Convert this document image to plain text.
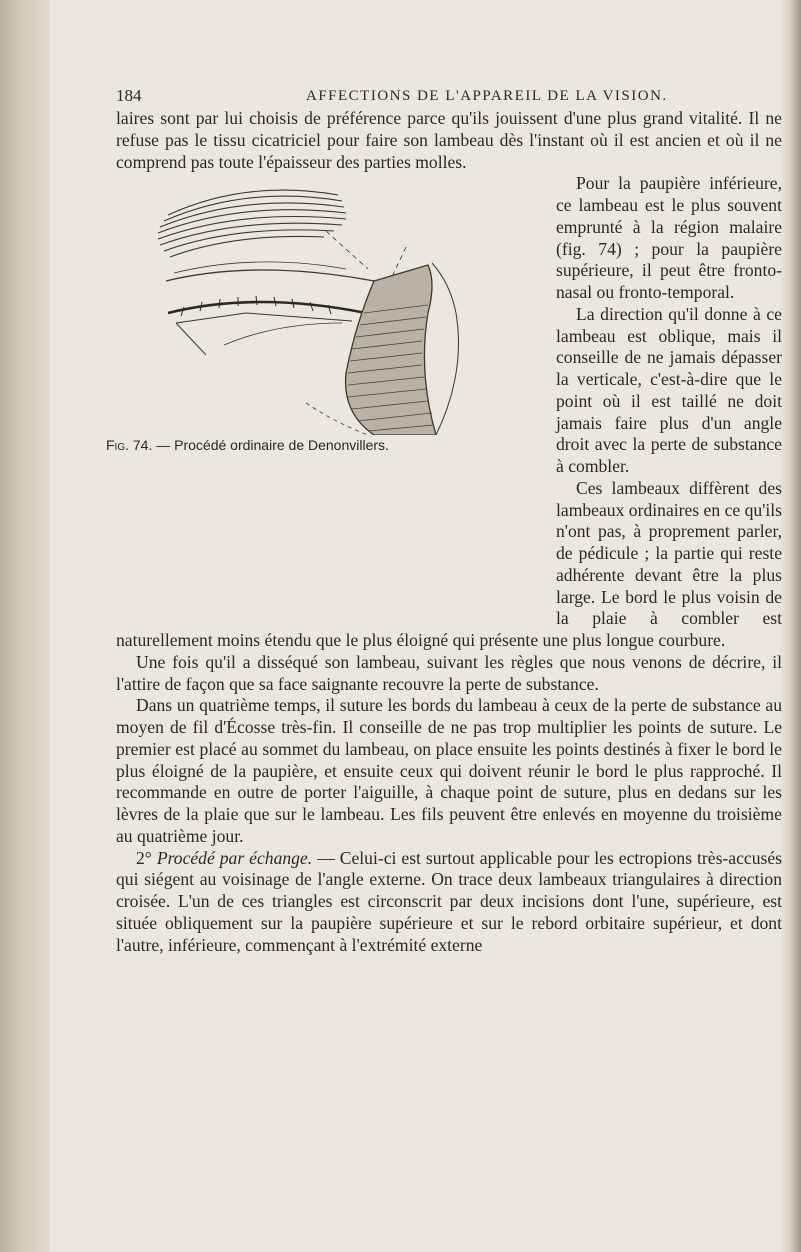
184	AFFECTIONS DE L'APPAREIL DE LA VISION.

laires sont par lui choisis de préférence parce qu'ils jouissent d'une plus grand vitalité. Il ne refuse pas le tissu cicatriciel pour faire son lambeau dès l'instant où il est ancien et où il ne comprend pas toute l'épaisseur des parties molles.

Fig. 74. — Procédé ordinaire de Denonvillers.

Pour la paupière inférieure, ce lambeau est le plus souvent emprunté à la région malaire (fig. 74) ; pour la paupière supérieure, il peut être fronto-nasal ou fronto-temporal.

La direction qu'il donne à ce lambeau est oblique, mais il conseille de ne jamais dépasser la verticale, c'est-à-dire que le point où il est taillé ne doit jamais faire plus d'un angle droit avec la perte de substance à combler.

Ces lambeaux diffèrent des lambeaux ordinaires en ce qu'ils n'ont pas, à proprement parler, de pédicule ; la partie qui reste adhérente devant être la plus large. Le bord le plus voisin de la plaie à combler est naturellement moins étendu que le plus éloigné qui présente une plus longue courbure.

Une fois qu'il a disséqué son lambeau, suivant les règles que nous venons de décrire, il l'attire de façon que sa face saignante recouvre la perte de substance.

Dans un quatrième temps, il suture les bords du lambeau à ceux de la perte de substance au moyen de fil d'Écosse très-fin. Il conseille de ne pas trop multiplier les points de suture. Le premier est placé au sommet du lambeau, on place ensuite les points destinés à fixer le bord le plus éloigné de la paupière, et ensuite ceux qui doivent réunir le bord le plus rapproché. Il recommande en outre de porter l'aiguille, à chaque point de suture, plus en dedans sur les lèvres de la plaie que sur le lambeau. Les fils peuvent être enlevés en moyenne du troisième au quatrième jour.

2° Procédé par échange. — Celui-ci est surtout applicable pour les ectropions très-accusés qui siégent au voisinage de l'angle externe. On trace deux lambeaux triangulaires à direction croisée. L'un de ces triangles est circonscrit par deux incisions dont l'une, supérieure, est située obliquement sur la paupière supérieure et sur le rebord orbitaire supérieur, et dont l'autre, inférieure, commençant à l'extrémité externe
